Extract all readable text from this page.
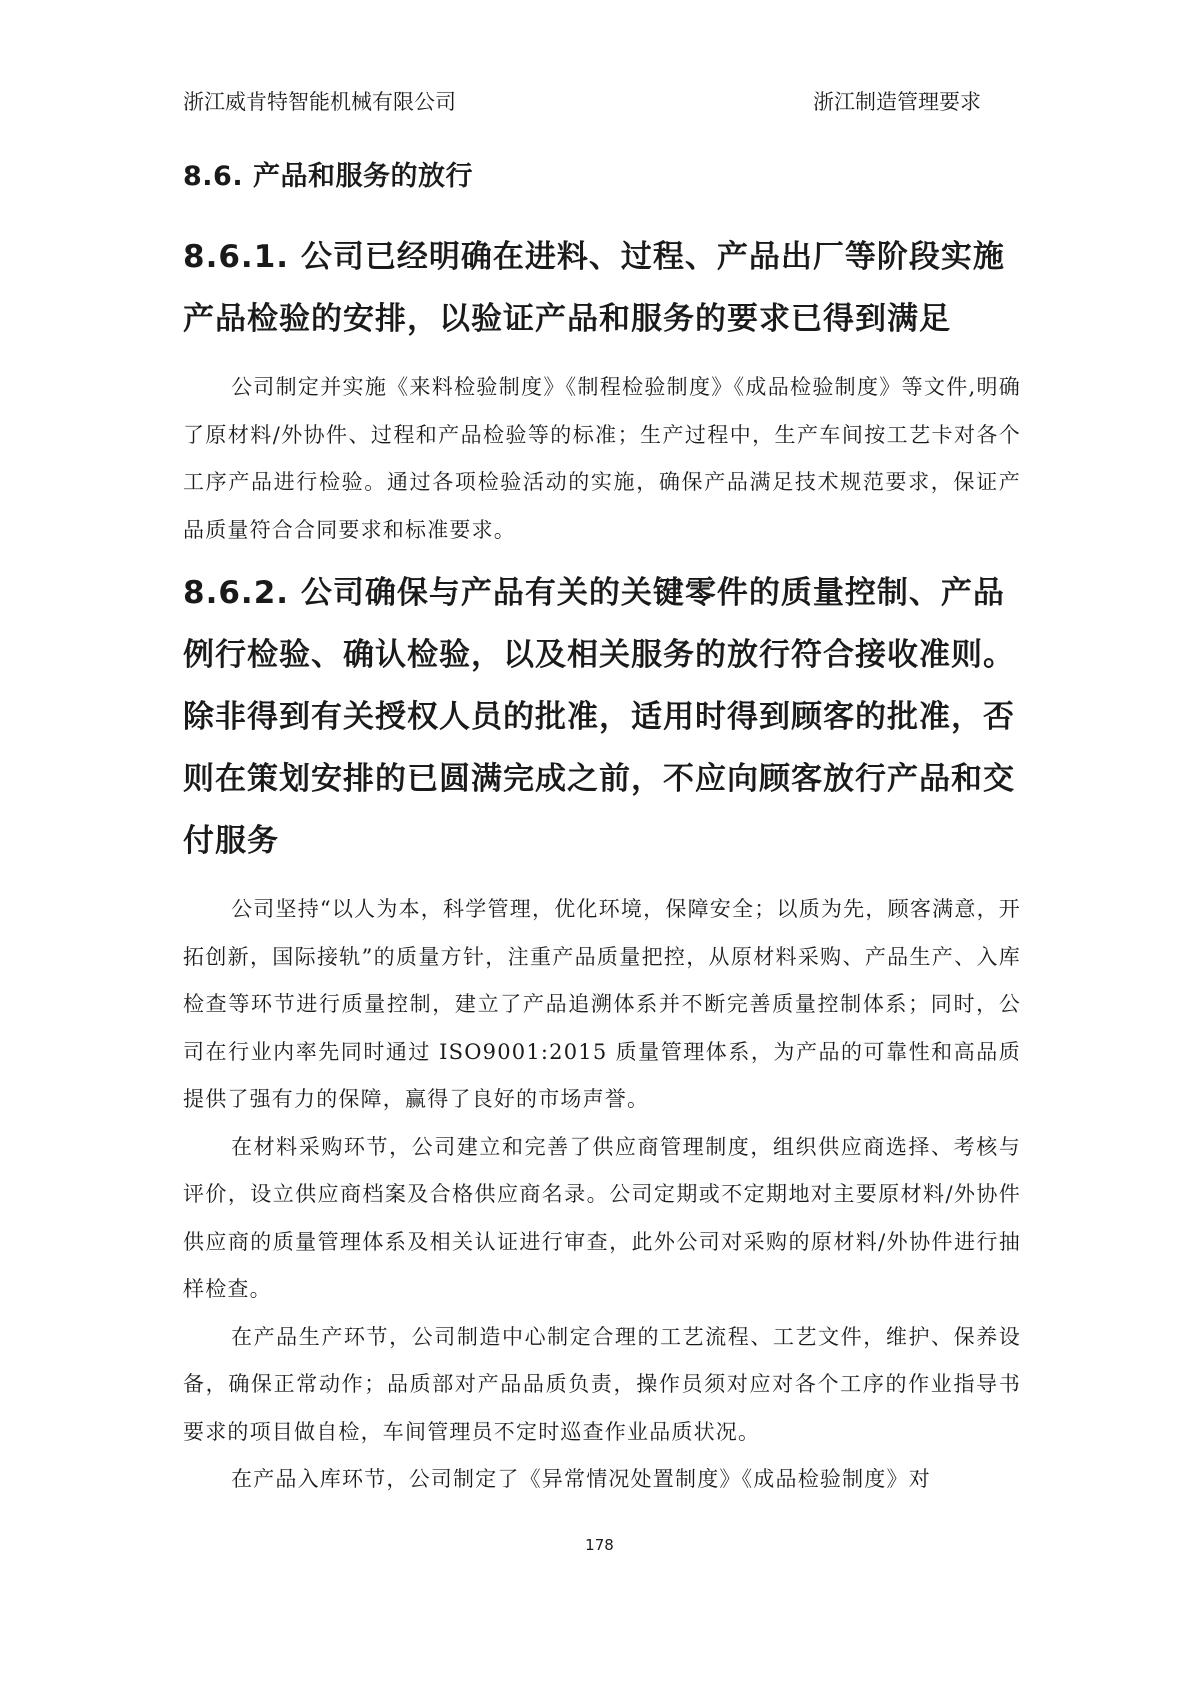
浙江威肯特智能机械有限公司	浙江制造管理要求
8.6. 产品和服务的放行
8.6.1. 公司已经明确在进料、过程、产品出厂等阶段实施产品检验的安排，以验证产品和服务的要求已得到满足

公司制定并实施《来料检验制度》《制程检验制度》《成品检验制度》等文件,明确了原材料/外协件、过程和产品检验等的标准；生产过程中，生产车间按工艺卡对各个工序产品进行检验。通过各项检验活动的实施，确保产品满足技术规范要求，保证产品质量符合合同要求和标准要求。

8.6.2. 公司确保与产品有关的关键零件的质量控制、产品例行检验、确认检验，以及相关服务的放行符合接收准则。除非得到有关授权人员的批准，适用时得到顾客的批准，否则在策划安排的已圆满完成之前，不应向顾客放行产品和交付服务

公司坚持“以人为本，科学管理，优化环境，保障安全；以质为先，顾客满意，开拓创新，国际接轨”的质量方针，注重产品质量把控，从原材料采购、产品生产、入库检查等环节进行质量控制，建立了产品追溯体系并不断完善质量控制体系；同时，公司在行业内率先同时通过 ISO9001:2015 质量管理体系，为产品的可靠性和高品质提供了强有力的保障，赢得了良好的市场声誉。

在材料采购环节，公司建立和完善了供应商管理制度，组织供应商选择、考核与评价，设立供应商档案及合格供应商名录。公司定期或不定期地对主要原材料/外协件供应商的质量管理体系及相关认证进行审查，此外公司对采购的原材料/外协件进行抽样检查。

在产品生产环节，公司制造中心制定合理的工艺流程、工艺文件，维护、保养设备，确保正常动作；品质部对产品品质负责，操作员须对应对各个工序的作业指导书要求的项目做自检，车间管理员不定时巡查作业品质状况。

在产品入库环节，公司制定了《异常情况处置制度》《成品检验制度》对

178
